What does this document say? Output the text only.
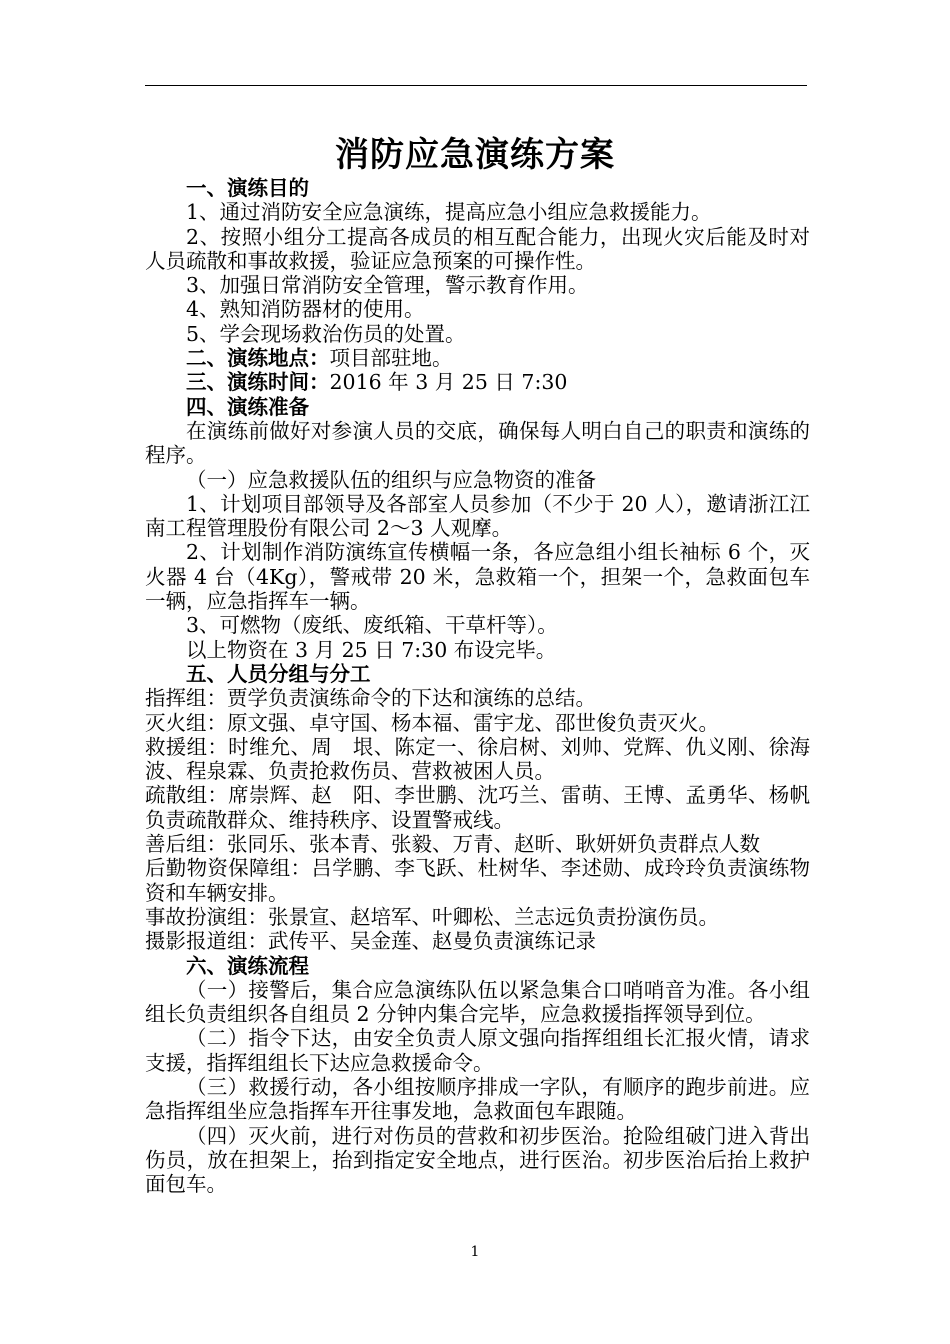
消防应急演练方案

一、演练目的

1、通过消防安全应急演练，提高应急小组应急救援能力。

2、按照小组分工提高各成员的相互配合能力，出现火灾后能及时对人员疏散和事故救援，验证应急预案的可操作性。

3、加强日常消防安全管理，警示教育作用。

4、熟知消防器材的使用。

5、学会现场救治伤员的处置。

二、演练地点：项目部驻地。

三、演练时间：2016 年 3 月 25 日 7:30

四、演练准备

在演练前做好对参演人员的交底，确保每人明白自己的职责和演练的程序。

（一）应急救援队伍的组织与应急物资的准备

1、计划项目部领导及各部室人员参加（不少于 20 人），邀请浙江江南工程管理股份有限公司 2～3 人观摩。

2、计划制作消防演练宣传横幅一条，各应急组小组长袖标 6 个，灭火器 4 台（4Kg），警戒带 20 米，急救箱一个，担架一个，急救面包车一辆，应急指挥车一辆。

3、可燃物（废纸、废纸箱、干草杆等）。

以上物资在 3 月 25 日 7:30 布设完毕。

五、人员分组与分工

指挥组：贾学负责演练命令的下达和演练的总结。

灭火组：原文强、卓守国、杨本福、雷宇龙、邵世俊负责灭火。

救援组：时维允、周　垠、陈定一、徐启树、刘帅、党辉、仇义刚、徐海波、程泉霖、负责抢救伤员、营救被困人员。

疏散组：席崇辉、赵　阳、李世鹏、沈巧兰、雷萌、王博、孟勇华、杨帆负责疏散群众、维持秩序、设置警戒线。

善后组：张同乐、张本青、张毅、万青、赵昕、耿妍妍负责群点人数

后勤物资保障组：吕学鹏、李飞跃、杜树华、李述勋、成玲玲负责演练物资和车辆安排。

事故扮演组：张景宣、赵培军、叶卿松、兰志远负责扮演伤员。

摄影报道组：武传平、吴金莲、赵曼负责演练记录

六、演练流程

（一）接警后，集合应急演练队伍以紧急集合口哨哨音为准。各小组组长负责组织各自组员 2 分钟内集合完毕，应急救援指挥领导到位。

（二）指令下达，由安全负责人原文强向指挥组组长汇报火情，请求支援，指挥组组长下达应急救援命令。

（三）救援行动，各小组按顺序排成一字队，有顺序的跑步前进。应急指挥组坐应急指挥车开往事发地，急救面包车跟随。

（四）灭火前，进行对伤员的营救和初步医治。抢险组破门进入背出伤员，放在担架上，抬到指定安全地点，进行医治。初步医治后抬上救护面包车。

1
